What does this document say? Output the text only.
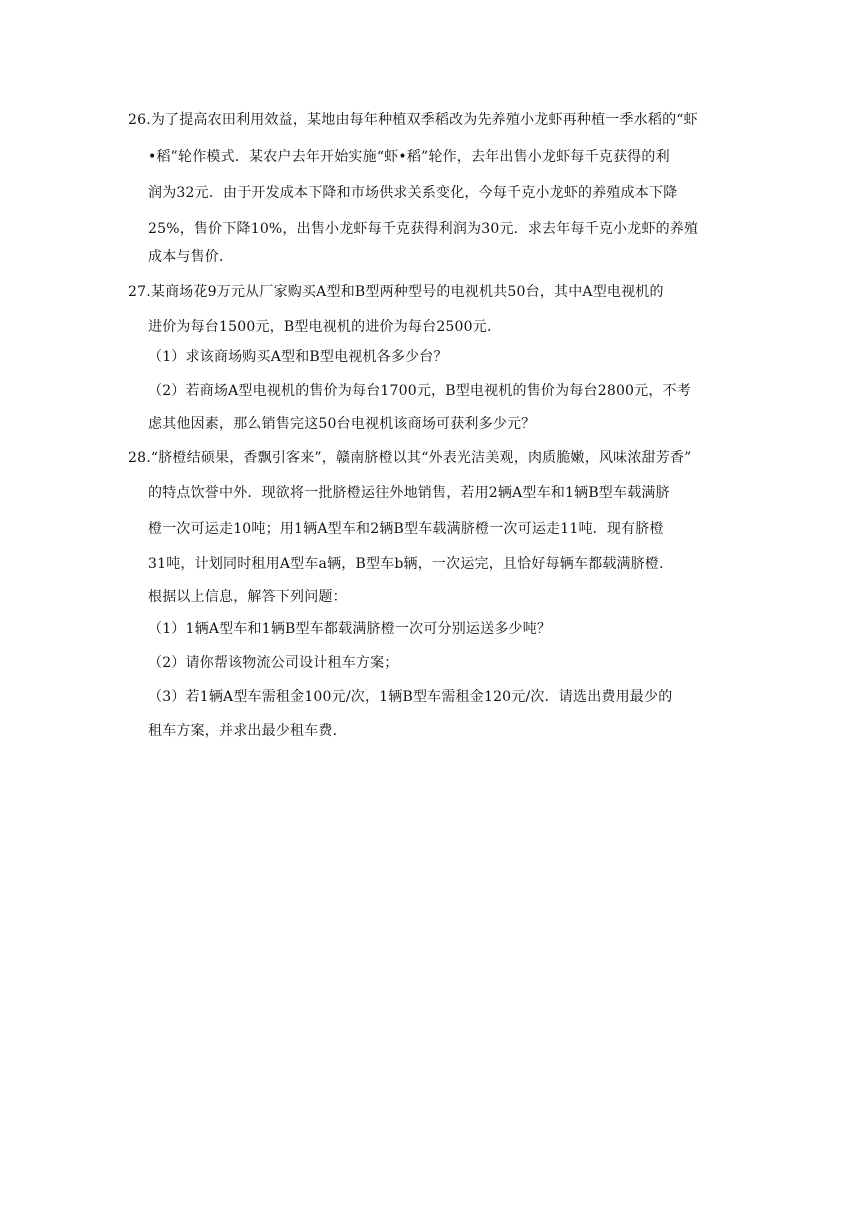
26.为了提高农田利用效益，某地由每年种植双季稻改为先养殖小龙虾再种植一季水稻的“虾
•稻”轮作模式．某农户去年开始实施“虾•稻”轮作，去年出售小龙虾每千克获得的利
润为32元．由于开发成本下降和市场供求关系变化，今每千克小龙虾的养殖成本下降
25%，售价下降10%，出售小龙虾每千克获得利润为30元．求去年每千克小龙虾的养殖
成本与售价．
27.某商场花9万元从厂家购买A型和B型两种型号的电视机共50台，其中A型电视机的
进价为每台1500元，B型电视机的进价为每台2500元．
（1）求该商场购买A型和B型电视机各多少台？
（2）若商场A型电视机的售价为每台1700元，B型电视机的售价为每台2800元，不考
虑其他因素，那么销售完这50台电视机该商场可获利多少元？
28.“脐橙结硕果，香飘引客来”，赣南脐橙以其“外表光洁美观，肉质脆嫩，风味浓甜芳香”
的特点饮誉中外．现欲将一批脐橙运往外地销售，若用2辆A型车和1辆B型车载满脐
橙一次可运走10吨；用1辆A型车和2辆B型车载满脐橙一次可运走11吨．现有脐橙
31吨，计划同时租用A型车a辆，B型车b辆，一次运完，且恰好每辆车都载满脐橙．
根据以上信息，解答下列问题：
（1）1辆A型车和1辆B型车都载满脐橙一次可分别运送多少吨？
（2）请你帮该物流公司设计租车方案；
（3）若1辆A型车需租金100元/次，1辆B型车需租金120元/次．请选出费用最少的
租车方案，并求出最少租车费．
